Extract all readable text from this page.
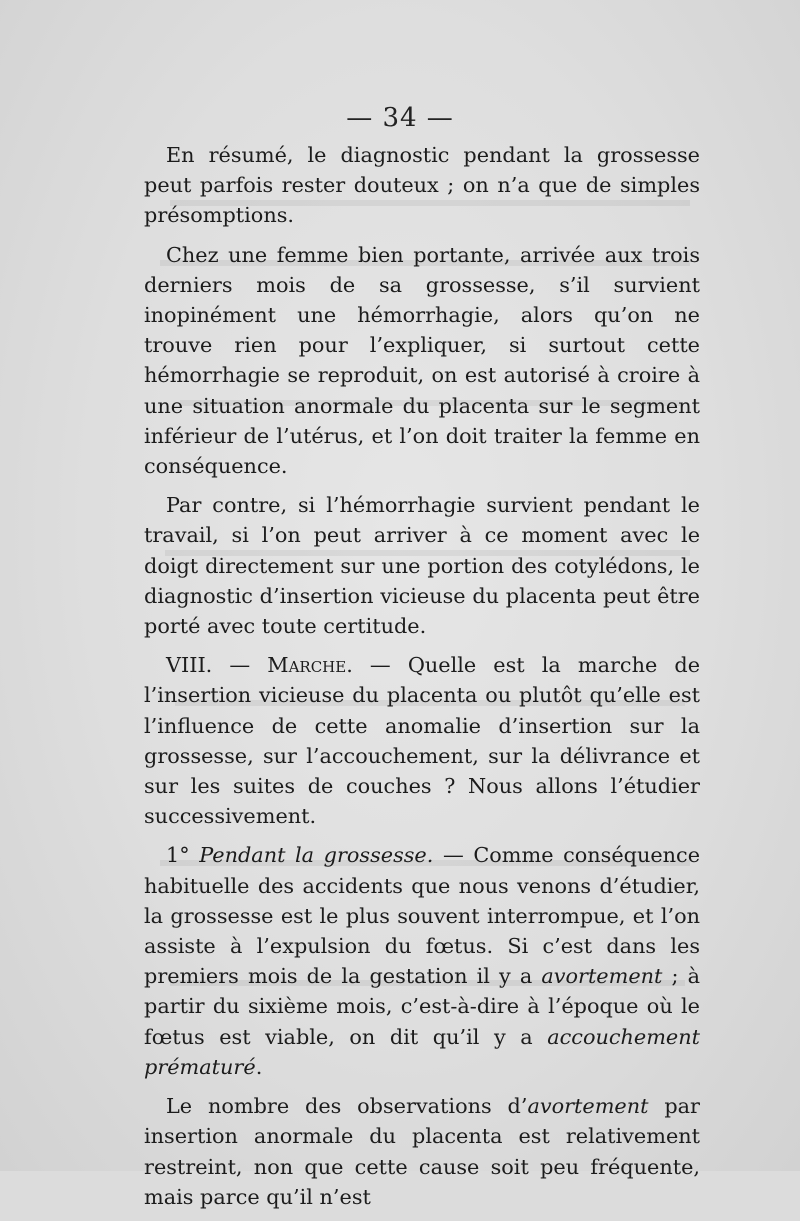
— 34 —

En résumé, le diagnostic pendant la grossesse peut parfois rester douteux ; on n’a que de simples présomptions.

Chez une femme bien portante, arrivée aux trois derniers mois de sa grossesse, s’il survient inopinément une hémorrhagie, alors qu’on ne trouve rien pour l’expliquer, si surtout cette hémorrhagie se reproduit, on est autorisé à croire à une situation anormale du placenta sur le segment inférieur de l’utérus, et l’on doit traiter la femme en conséquence.

Par contre, si l’hémorrhagie survient pendant le travail, si l’on peut arriver à ce moment avec le doigt directement sur une portion des cotylédons, le diagnostic d’insertion vicieuse du placenta peut être porté avec toute certitude.

VIII. — Marche. — Quelle est la marche de l’insertion vicieuse du placenta ou plutôt qu’elle est l’influence de cette anomalie d’insertion sur la grossesse, sur l’accouchement, sur la délivrance et sur les suites de couches ? Nous allons l’étudier successivement.

1° Pendant la grossesse. — Comme conséquence habituelle des accidents que nous venons d’étudier, la grossesse est le plus souvent interrompue, et l’on assiste à l’expulsion du fœtus. Si c’est dans les premiers mois de la gestation il y a avortement ; à partir du sixième mois, c’est-à-dire à l’époque où le fœtus est viable, on dit qu’il y a accouchement prématuré.

Le nombre des observations d’avortement par insertion anormale du placenta est relativement restreint, non que cette cause soit peu fréquente, mais parce qu’il n’est
